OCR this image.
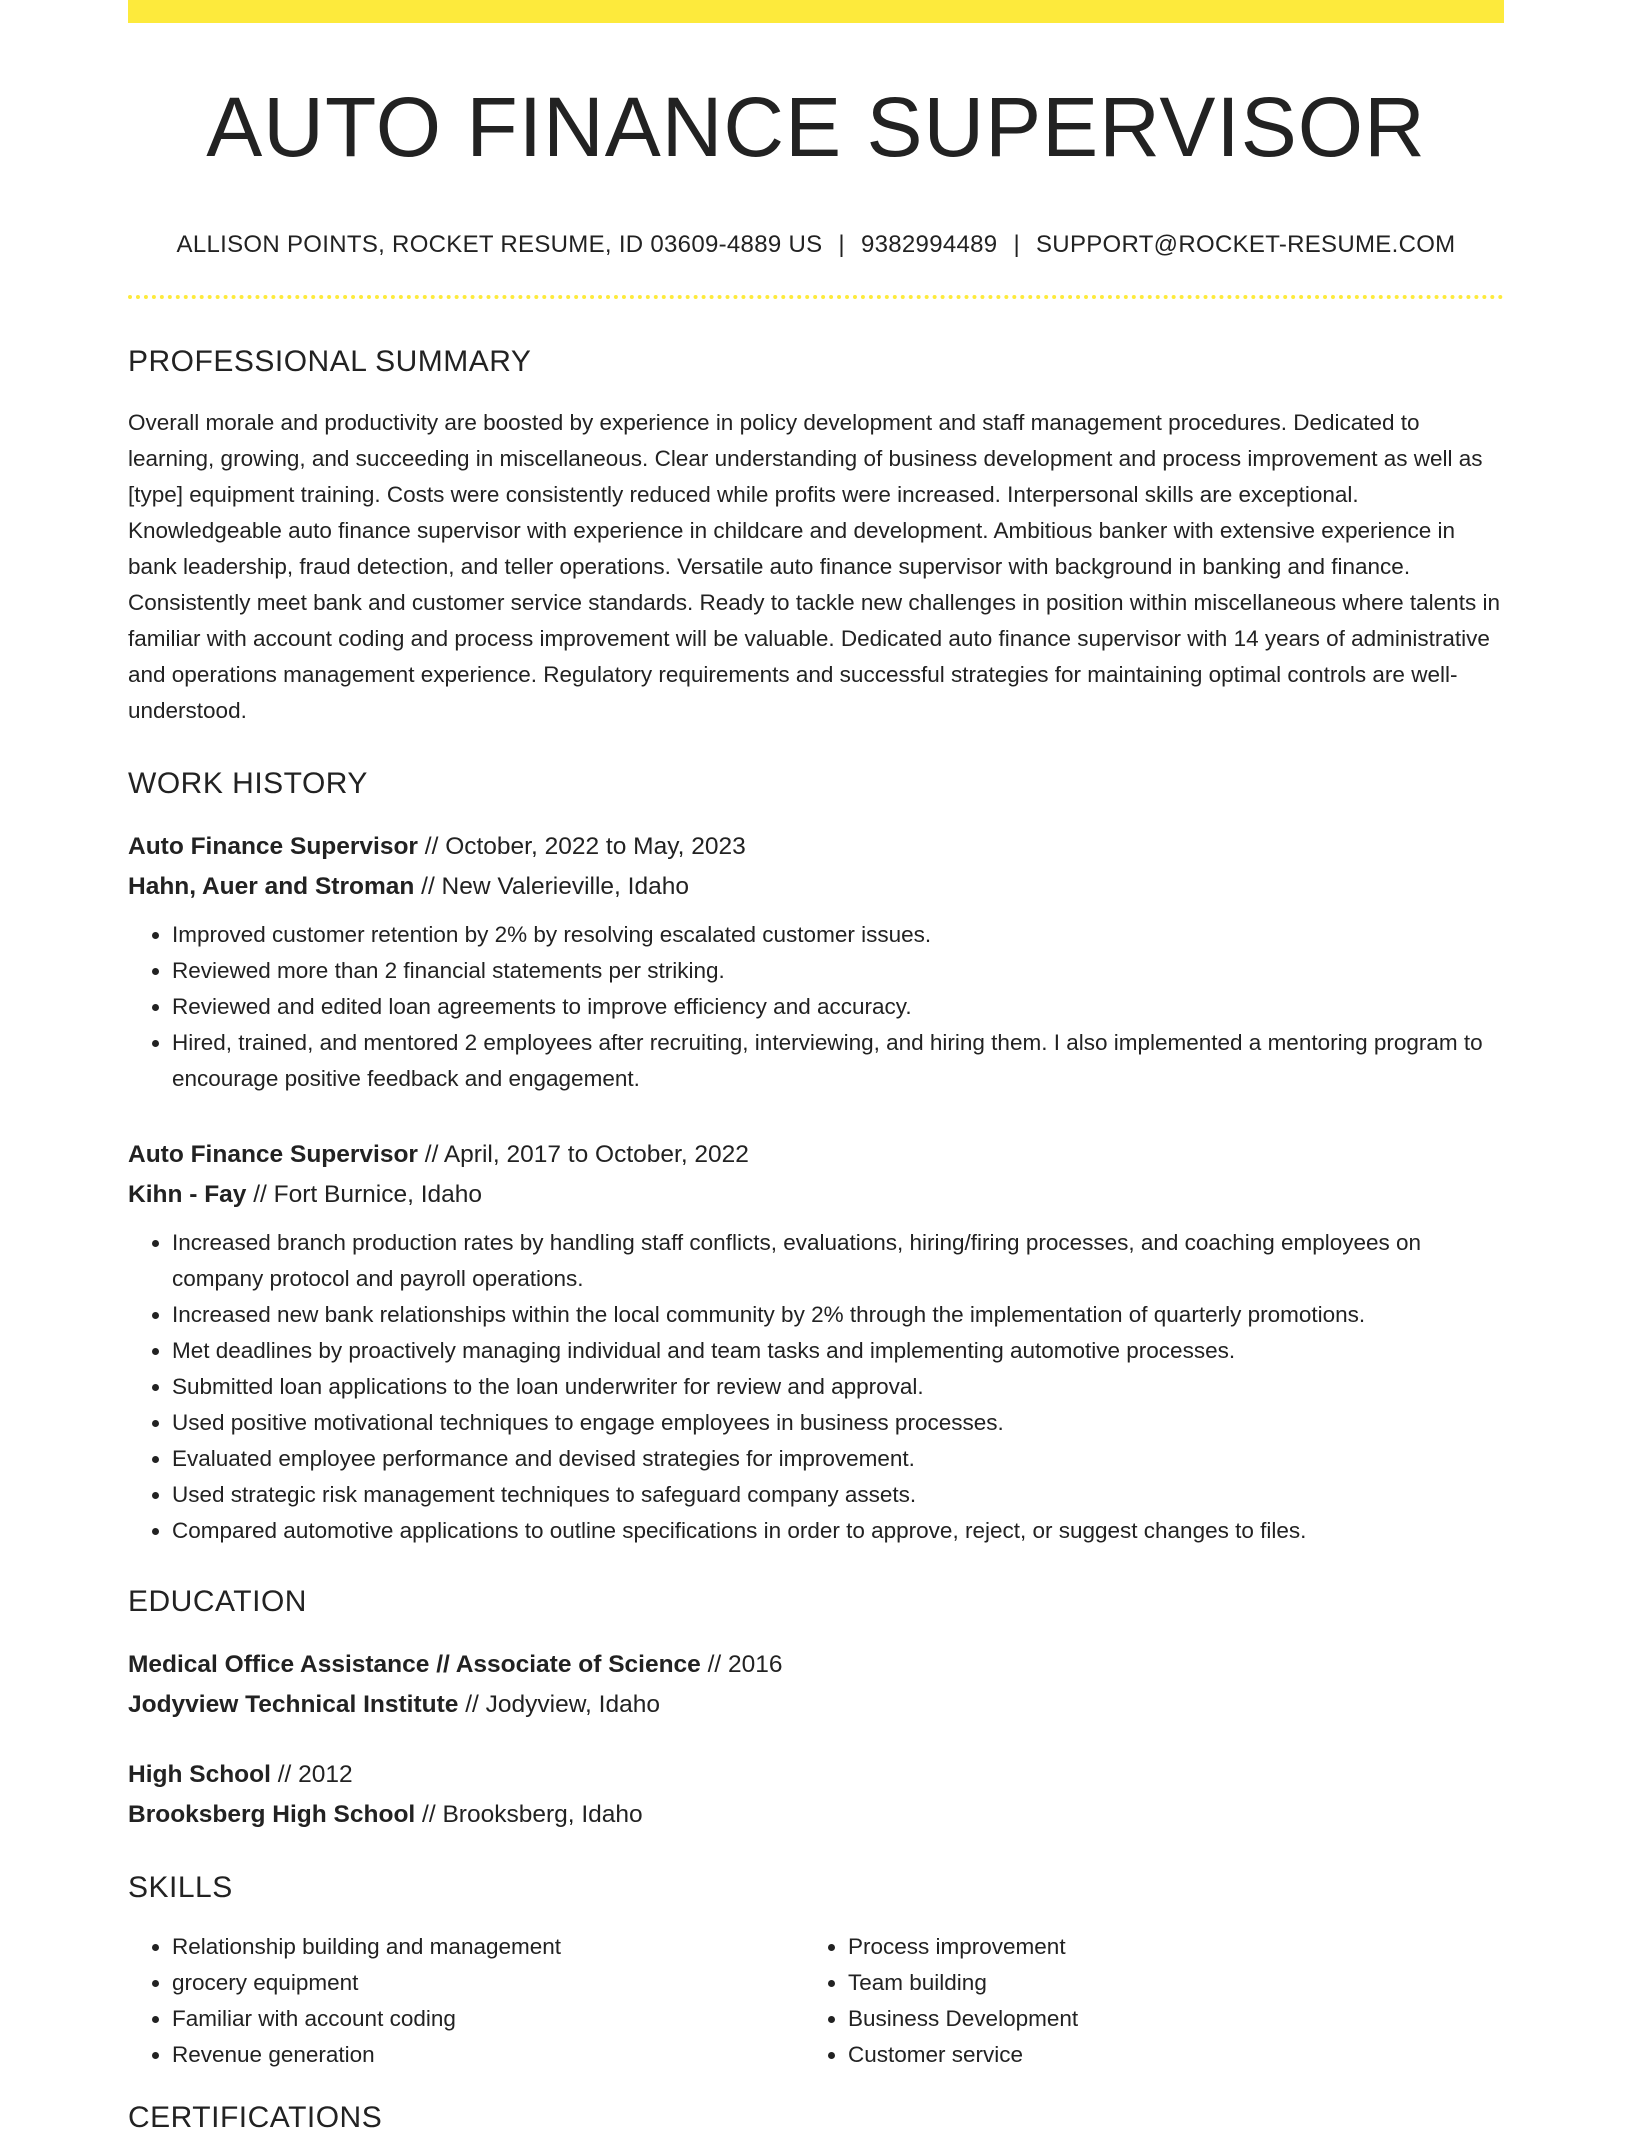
AUTO FINANCE SUPERVISOR
ALLISON POINTS, ROCKET RESUME, ID 03609-4889 US | 9382994489 | SUPPORT@ROCKET-RESUME.COM
PROFESSIONAL SUMMARY

Overall morale and productivity are boosted by experience in policy development and staff management procedures. Dedicated to learning, growing, and succeeding in miscellaneous. Clear understanding of business development and process improvement as well as [type] equipment training. Costs were consistently reduced while profits were increased. Interpersonal skills are exceptional. Knowledgeable auto finance supervisor with experience in childcare and development. Ambitious banker with extensive experience in bank leadership, fraud detection, and teller operations. Versatile auto finance supervisor with background in banking and finance. Consistently meet bank and customer service standards. Ready to tackle new challenges in position within miscellaneous where talents in familiar with account coding and process improvement will be valuable. Dedicated auto finance supervisor with 14 years of administrative and operations management experience. Regulatory requirements and successful strategies for maintaining optimal controls are well-understood.

WORK HISTORY
Auto Finance Supervisor // October, 2022 to May, 2023
Hahn, Auer and Stroman // New Valerieville, Idaho
• Improved customer retention by 2% by resolving escalated customer issues.
• Reviewed more than 2 financial statements per striking.
• Reviewed and edited loan agreements to improve efficiency and accuracy.
• Hired, trained, and mentored 2 employees after recruiting, interviewing, and hiring them. I also implemented a mentoring program to encourage positive feedback and engagement.
Auto Finance Supervisor // April, 2017 to October, 2022
Kihn - Fay // Fort Burnice, Idaho
• Increased branch production rates by handling staff conflicts, evaluations, hiring/firing processes, and coaching employees on company protocol and payroll operations.
• Increased new bank relationships within the local community by 2% through the implementation of quarterly promotions.
• Met deadlines by proactively managing individual and team tasks and implementing automotive processes.
• Submitted loan applications to the loan underwriter for review and approval.
• Used positive motivational techniques to engage employees in business processes.
• Evaluated employee performance and devised strategies for improvement.
• Used strategic risk management techniques to safeguard company assets.
• Compared automotive applications to outline specifications in order to approve, reject, or suggest changes to files.
EDUCATION
Medical Office Assistance // Associate of Science // 2016
Jodyview Technical Institute // Jodyview, Idaho
High School // 2012
Brooksberg High School // Brooksberg, Idaho
SKILLS
• Relationship building and management
• grocery equipment
• Familiar with account coding
• Revenue generation
• Process improvement
• Team building
• Business Development
• Customer service
CERTIFICATIONS
